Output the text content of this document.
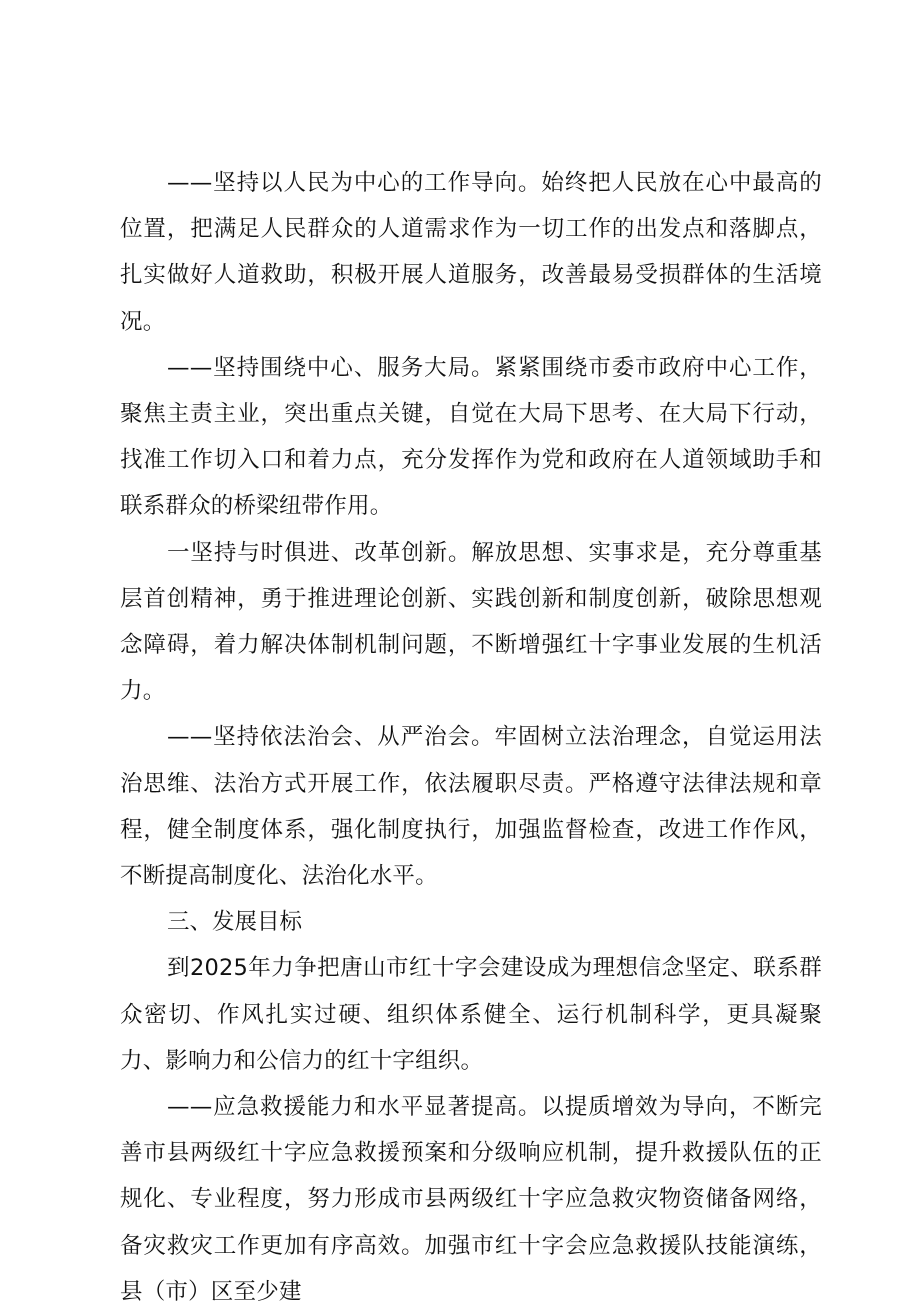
——坚持以人民为中心的工作导向。始终把人民放在心中最高的位置，把满足人民群众的人道需求作为一切工作的出发点和落脚点，扎实做好人道救助，积极开展人道服务，改善最易受损群体的生活境况。

——坚持围绕中心、服务大局。紧紧围绕市委市政府中心工作，聚焦主责主业，突出重点关键，自觉在大局下思考、在大局下行动，找准工作切入口和着力点，充分发挥作为党和政府在人道领域助手和联系群众的桥梁纽带作用。

一坚持与时俱进、改革创新。解放思想、实事求是，充分尊重基层首创精神，勇于推进理论创新、实践创新和制度创新，破除思想观念障碍，着力解决体制机制问题，不断增强红十字事业发展的生机活力。

——坚持依法治会、从严治会。牢固树立法治理念，自觉运用法治思维、法治方式开展工作，依法履职尽责。严格遵守法律法规和章程，健全制度体系，强化制度执行，加强监督检查，改进工作作风，不断提高制度化、法治化水平。

三、发展目标

到2025年力争把唐山市红十字会建设成为理想信念坚定、联系群众密切、作风扎实过硬、组织体系健全、运行机制科学，更具凝聚力、影响力和公信力的红十字组织。

——应急救援能力和水平显著提高。以提质增效为导向，不断完善市县两级红十字应急救援预案和分级响应机制，提升救援队伍的正规化、专业程度，努力形成市县两级红十字应急救灾物资储备网络，备灾救灾工作更加有序高效。加强市红十字会应急救援队技能演练，县（市）区至少建
